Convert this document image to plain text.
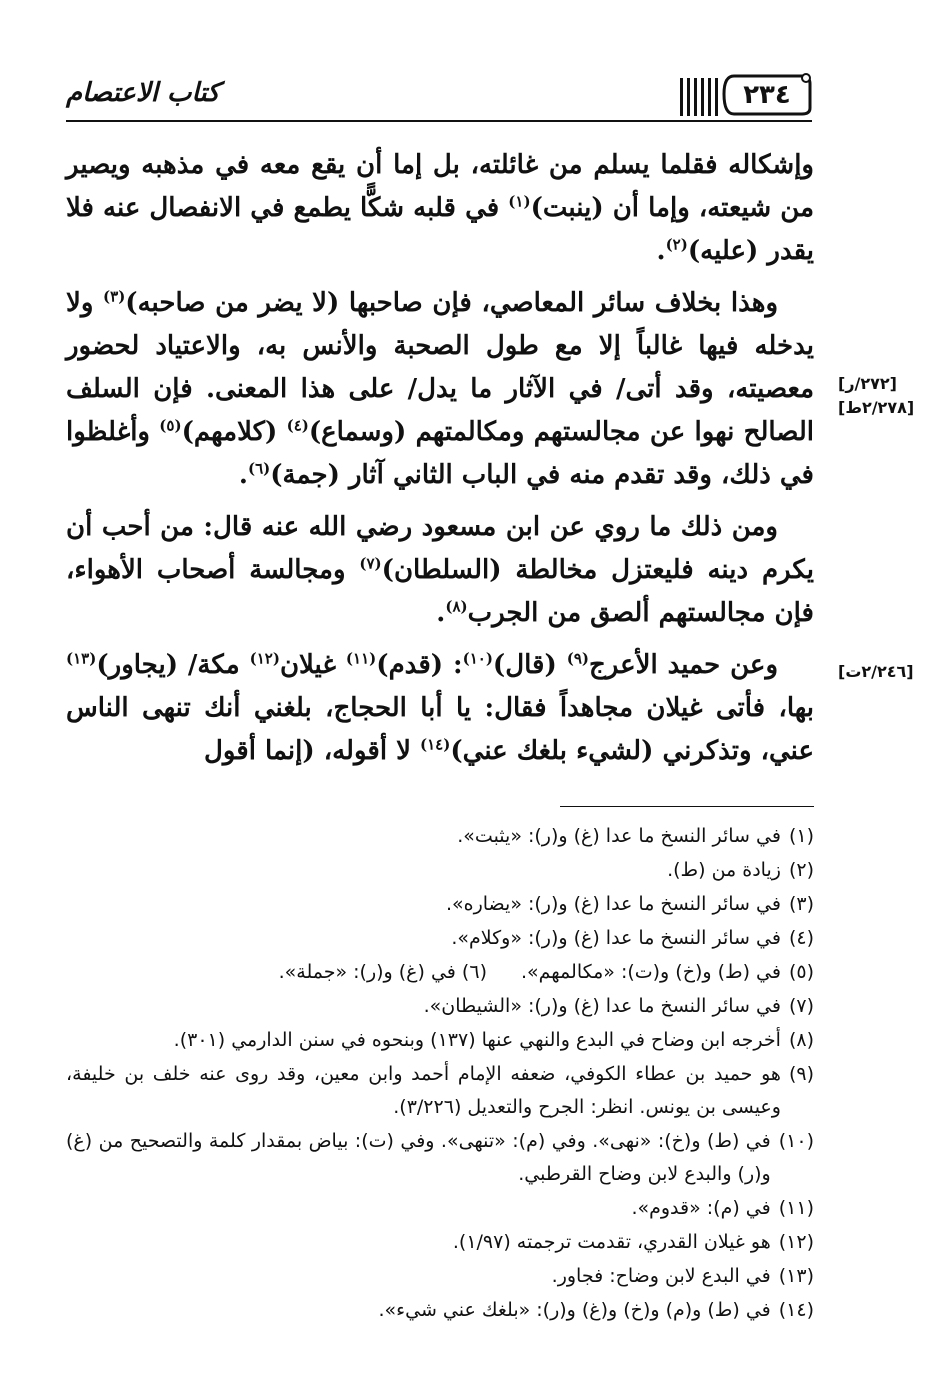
كتاب الاعتصام	٢٣٤
[٢٧٢/ر]
[٢/٢٧٨ط]
[٢/٢٤٦ت]

وإشكاله فقلما يسلم من غائلته، بل إما أن يقع معه في مذهبه ويصير من شيعته، وإما أن (ينبت)$^{(١)}$ في قلبه شكًّا يطمع في الانفصال عنه فلا يقدر (عليه)$^{(٢)}$.

وهذا بخلاف سائر المعاصي، فإن صاحبها (لا يضر من صاحبه)$^{(٣)}$ ولا يدخله فيها غالباً إلا مع طول الصحبة والأنس به، والاعتياد لحضور معصيته، وقد أتى/ في الآثار ما يدل/ على هذا المعنى. فإن السلف الصالح نهوا عن مجالستهم ومكالمتهم (وسماع)$^{(٤)}$ (كلامهم)$^{(٥)}$ وأغلظوا في ذلك، وقد تقدم منه في الباب الثاني آثار (جمة)$^{(٦)}$.

ومن ذلك ما روي عن ابن مسعود رضي الله عنه قال: من أحب أن يكرم دينه فليعتزل مخالطة (السلطان)$^{(٧)}$ ومجالسة أصحاب الأهواء، فإن مجالستهم ألصق من الجرب$^{(٨)}$.

وعن حميد الأعرج$^{(٩)}$ (قال)$^{(١٠)}$: (قدم)$^{(١١)}$ غيلان$^{(١٢)}$ مكة/ (يجاور)$^{(١٣)}$ بها، فأتى غيلان مجاهداً فقال: يا أبا الحجاج، بلغني أنك تنهى الناس عني، وتذكرني (لشيء بلغك عني)$^{(١٤)}$ لا أقوله، (إنما أقول

(١)
في سائر النسخ ما عدا (غ) و(ر): «يثبت».
(٢)
زيادة من (ط).
(٣)
في سائر النسخ ما عدا (غ) و(ر): «يضاره».
(٤)
في سائر النسخ ما عدا (غ) و(ر): «وكلام».
(٥)
في (ط) و(خ) و(ت): «مكالمهم».(٦) في (غ) و(ر): «جملة».
(٧)
في سائر النسخ ما عدا (غ) و(ر): «الشيطان».
(٨)
أخرجه ابن وضاح في البدع والنهي عنها (١٣٧) وبنحوه في سنن الدارمي (٣٠١).
(٩)
هو حميد بن عطاء الكوفي، ضعفه الإمام أحمد وابن معين، وقد روى عنه خلف بن خليفة، وعيسى بن يونس. انظر: الجرح والتعديل (٣/٢٢٦).
(١٠)
في (ط) و(خ): «نهى». وفي (م): «تنهى». وفي (ت): بياض بمقدار كلمة والتصحيح من (غ) و(ر) والبدع لابن وضاح القرطبي.
(١١)
في (م): «قدوم».
(١٢)
هو غيلان القدري، تقدمت ترجمته (١/٩٧).
(١٣)
في البدع لابن وضاح: فجاور.
(١٤)
في (ط) و(م) و(خ) و(غ) و(ر): «بلغك عني شيء».
